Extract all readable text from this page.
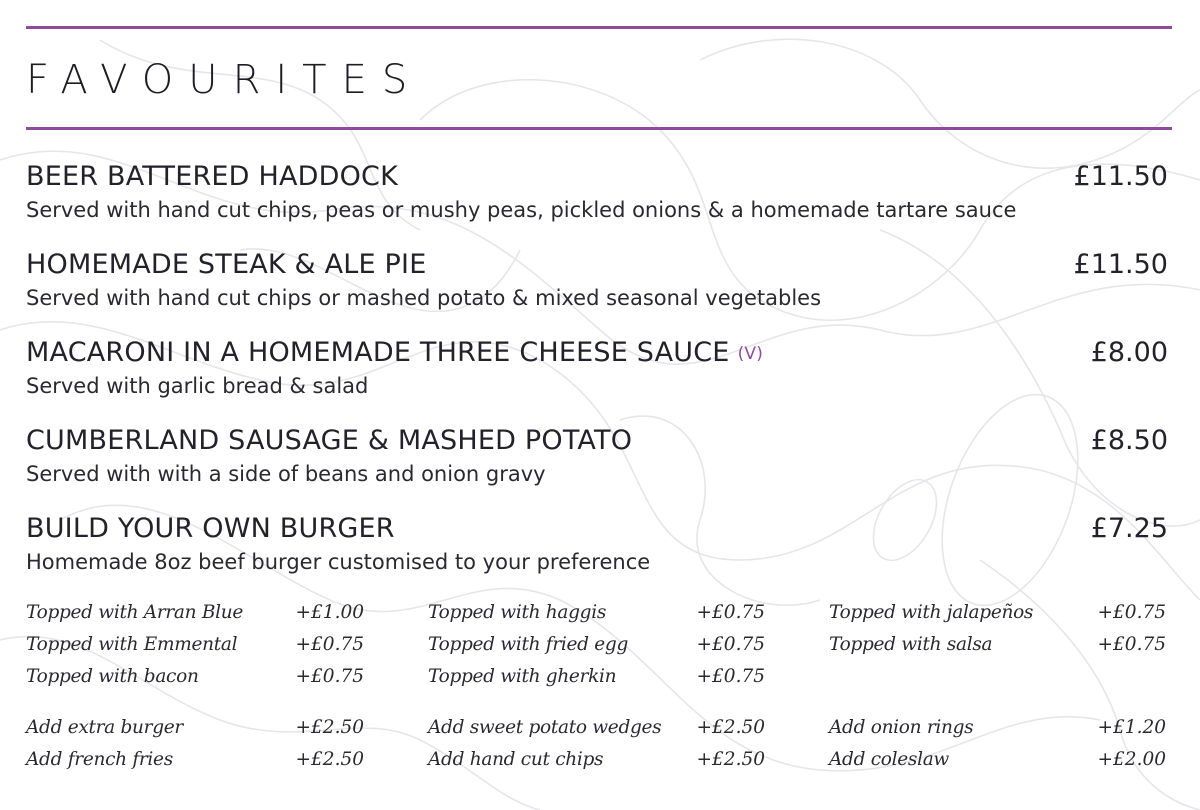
FAVOURITES
BEER BATTERED HADDOCK	£11.50
Served with hand cut chips, peas or mushy peas, pickled onions & a homemade tartare sauce
HOMEMADE STEAK & ALE PIE	£11.50
Served with hand cut chips or mashed potato & mixed seasonal vegetables
MACARONI IN A HOMEMADE THREE CHEESE SAUCE (V)	£8.00
Served with garlic bread & salad
CUMBERLAND SAUSAGE & MASHED POTATO	£8.50
Served with with a side of beans and onion gravy
BUILD YOUR OWN BURGER	£7.25
Homemade 8oz beef burger customised to your preference
Topped with Arran Blue	+£1.00
Topped with Emmental	+£0.75
Topped with bacon	+£0.75
Topped with haggis	+£0.75
Topped with fried egg	+£0.75
Topped with gherkin	+£0.75
Topped with jalapeños	+£0.75
Topped with salsa	+£0.75
Add extra burger	+£2.50
Add french fries	+£2.50
Add sweet potato wedges +£2.50
Add hand cut chips	+£2.50
Add onion rings	+£1.20
Add coleslaw	+£2.00
